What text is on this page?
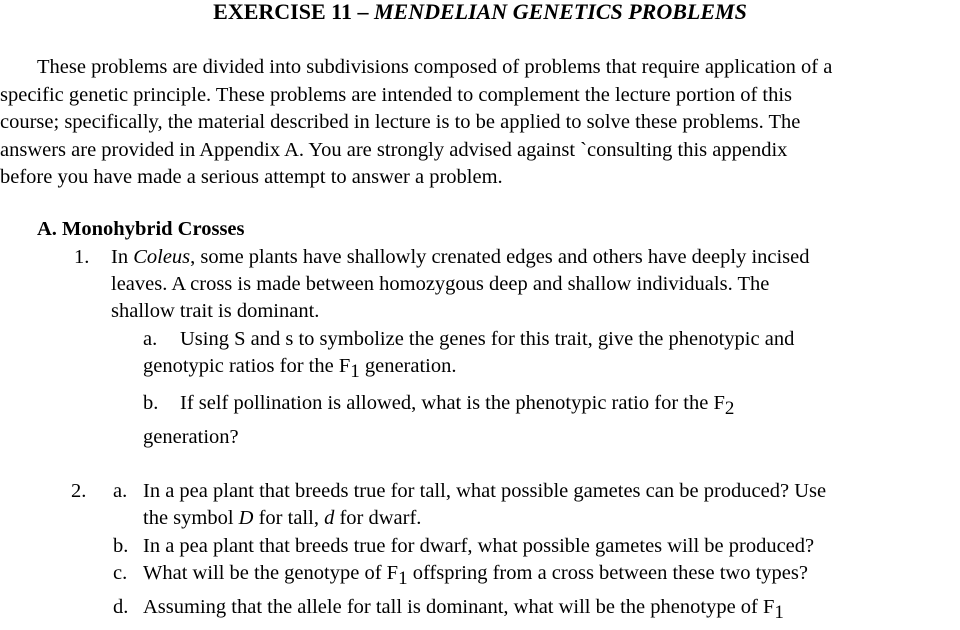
EXERCISE 11 – MENDELIAN GENETICS PROBLEMS
These problems are divided into subdivisions composed of problems that require application of a
specific genetic principle. These problems are intended to complement the lecture portion of this
course; specifically, the material described in lecture is to be applied to solve these problems. The
answers are provided in Appendix A. You are strongly advised against `consulting this appendix
before you have made a serious attempt to answer a problem.
A. Monohybrid Crosses
1. In Coleus, some plants have shallowly crenated edges and others have deeply incised
leaves. A cross is made between homozygous deep and shallow individuals. The
shallow trait is dominant.
a. Using S and s to symbolize the genes for this trait, give the phenotypic and
genotypic ratios for the $F_1$ generation.
b. If self pollination is allowed, what is the phenotypic ratio for the $F_2$
generation?
2. a. In a pea plant that breeds true for tall, what possible gametes can be produced? Use
the symbol D for tall, d for dwarf.
b. In a pea plant that breeds true for dwarf, what possible gametes will be produced?
c. What will be the genotype of $F_1$ offspring from a cross between these two types?
d. Assuming that the allele for tall is dominant, what will be the phenotype of $F_1$
